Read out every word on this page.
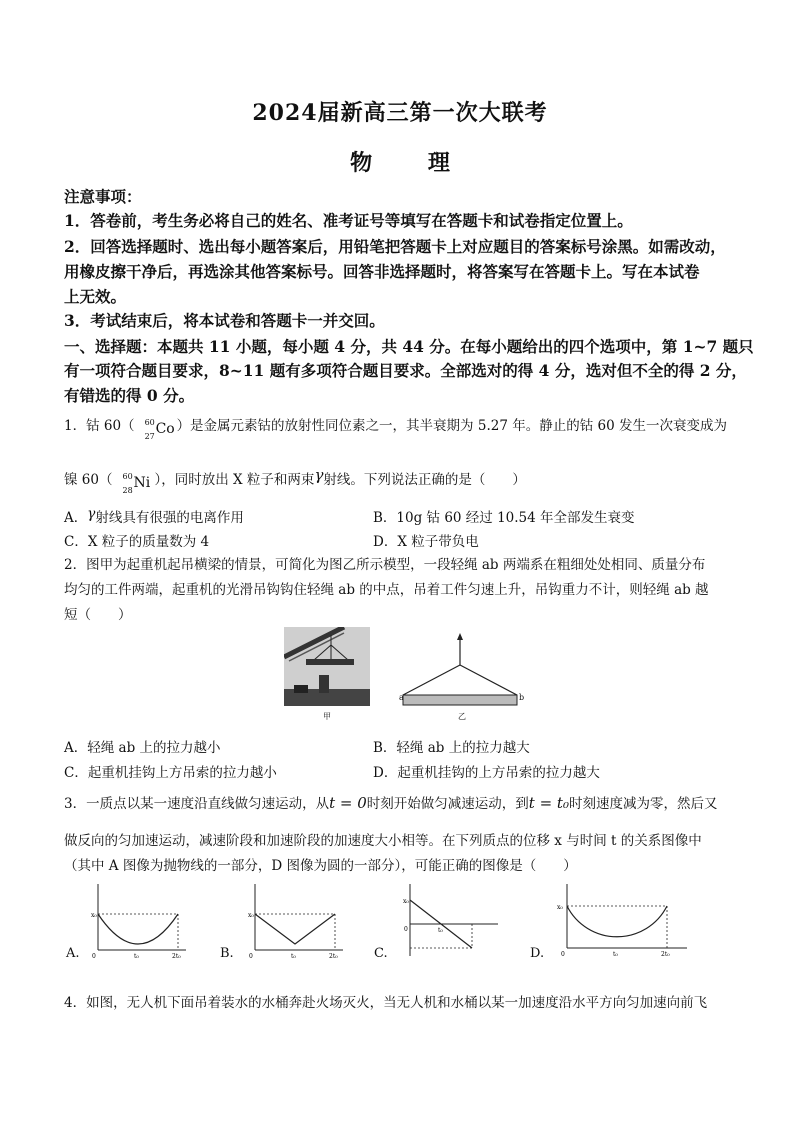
2024届新高三第一次大联考
物 理
注意事项：
1．答卷前，考生务必将自己的姓名、准考证号等填写在答题卡和试卷指定位置上。
2．回答选择题时、选出每小题答案后，用铅笔把答题卡上对应题目的答案标号涂黑。如需改动，
用橡皮擦干净后，再选涂其他答案标号。回答非选择题时，将答案写在答题卡上。写在本试卷
上无效。
3．考试结束后，将本试卷和答题卡一并交回。
一、选择题：本题共 11 小题，每小题 4 分，共 44 分。在每小题给出的四个选项中，第 1~7 题只
有一项符合题目要求，8~11 题有多项符合题目要求。全部选对的得 4 分，选对但不全的得 2 分，
有错选的得 0 分。
1．钴 60（ 60
27 Co ）是金属元素钴的放射性同位素之一，其半衰期为 5.27 年。静止的钴 60 发生一次衰变成为
镍 60（ 60
28 Ni ），同时放出 X 粒子和两束γ射线。下列说法正确的是（　　）
A．γ射线具有很强的电离作用	B．10g 钴 60 经过 10.54 年全部发生衰变
C．X 粒子的质量数为 4	D．X 粒子带负电
2．图甲为起重机起吊横梁的情景，可简化为图乙所示模型，一段轻绳 ab 两端系在粗细处处相同、质量分布
均匀的工件两端，起重机的光滑吊钩钩住轻绳 ab 的中点，吊着工件匀速上升，吊钩重力不计，则轻绳 ab 越
短（　　）
甲
a	b
乙
A．轻绳 ab 上的拉力越小	B．轻绳 ab 上的拉力越大
C．起重机挂钩上方吊索的拉力越小	D．起重机挂钩的上方吊索的拉力越大
3．一质点以某一速度沿直线做匀速运动，从t = 0时刻开始做匀减速运动，到t = t₀时刻速度减为零，然后又
做反向的匀加速运动，减速阶段和加速阶段的加速度大小相等。在下列质点的位移 x 与时间 t 的关系图像中
（其中 A 图像为抛物线的一部分，D 图像为圆的一部分），可能正确的图像是（　　）
x₀
t₀	2t₀
0
A.
x₀
t₀	2t₀
0
B.
x₀
t₀
0
C.
x₀
t₀	2t₀
0
D.
4．如图，无人机下面吊着装水的水桶奔赴火场灭火，当无人机和水桶以某一加速度沿水平方向匀加速向前飞
